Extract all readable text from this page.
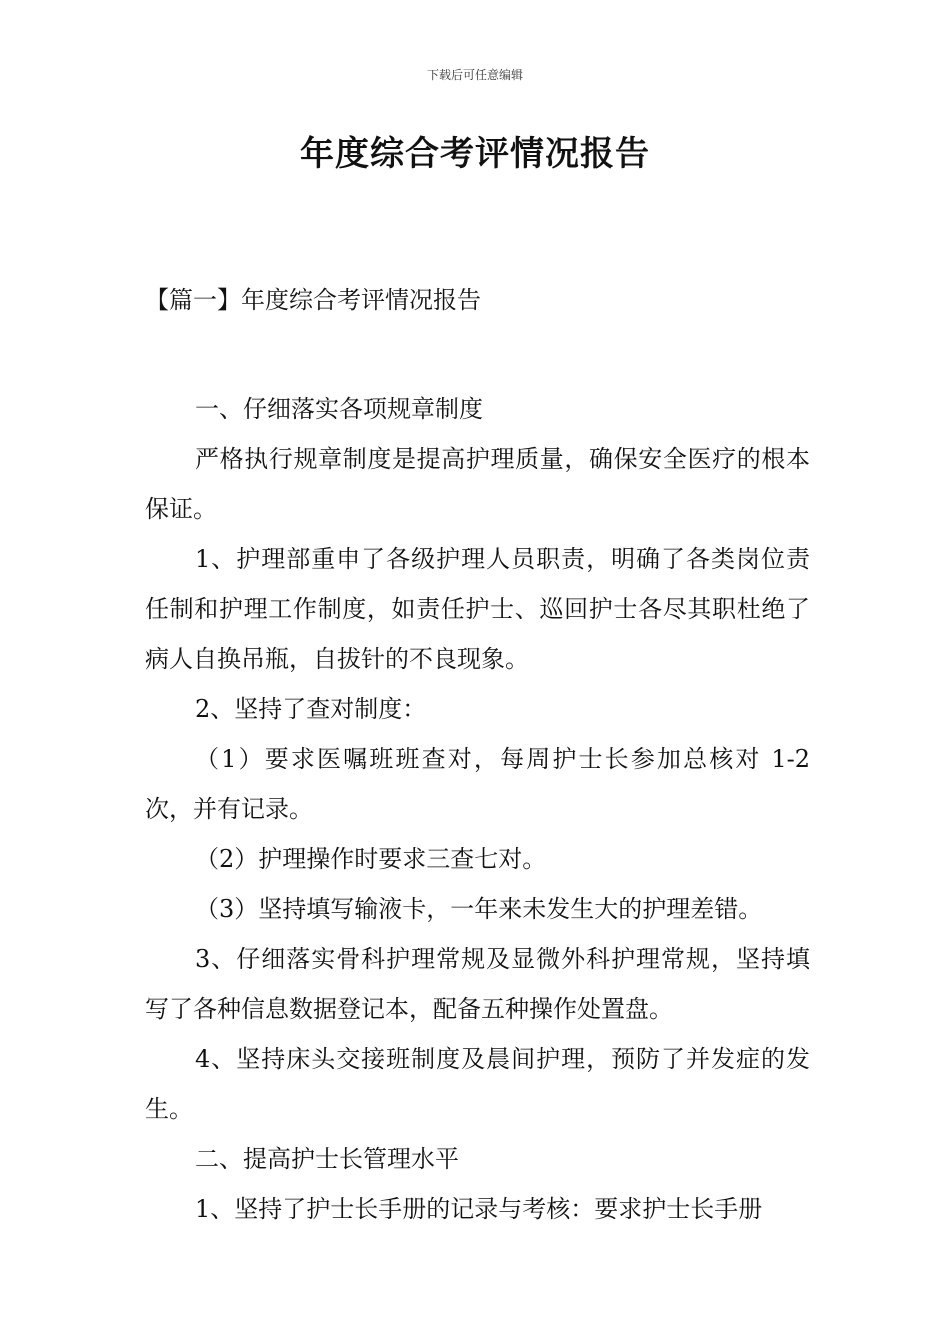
下载后可任意编辑
年度综合考评情况报告

【篇一】年度综合考评情况报告

一、仔细落实各项规章制度

严格执行规章制度是提高护理质量，确保安全医疗的根本保证。

1、护理部重申了各级护理人员职责，明确了各类岗位责任制和护理工作制度，如责任护士、巡回护士各尽其职杜绝了病人自换吊瓶，自拔针的不良现象。

2、坚持了查对制度：

（1）要求医嘱班班查对，每周护士长参加总核对 1-2 次，并有记录。

（2）护理操作时要求三查七对。

（3）坚持填写输液卡，一年来未发生大的护理差错。

3、仔细落实骨科护理常规及显微外科护理常规，坚持填写了各种信息数据登记本，配备五种操作处置盘。

4、坚持床头交接班制度及晨间护理，预防了并发症的发生。

二、提高护士长管理水平

1、坚持了护士长手册的记录与考核：要求护士长手册
